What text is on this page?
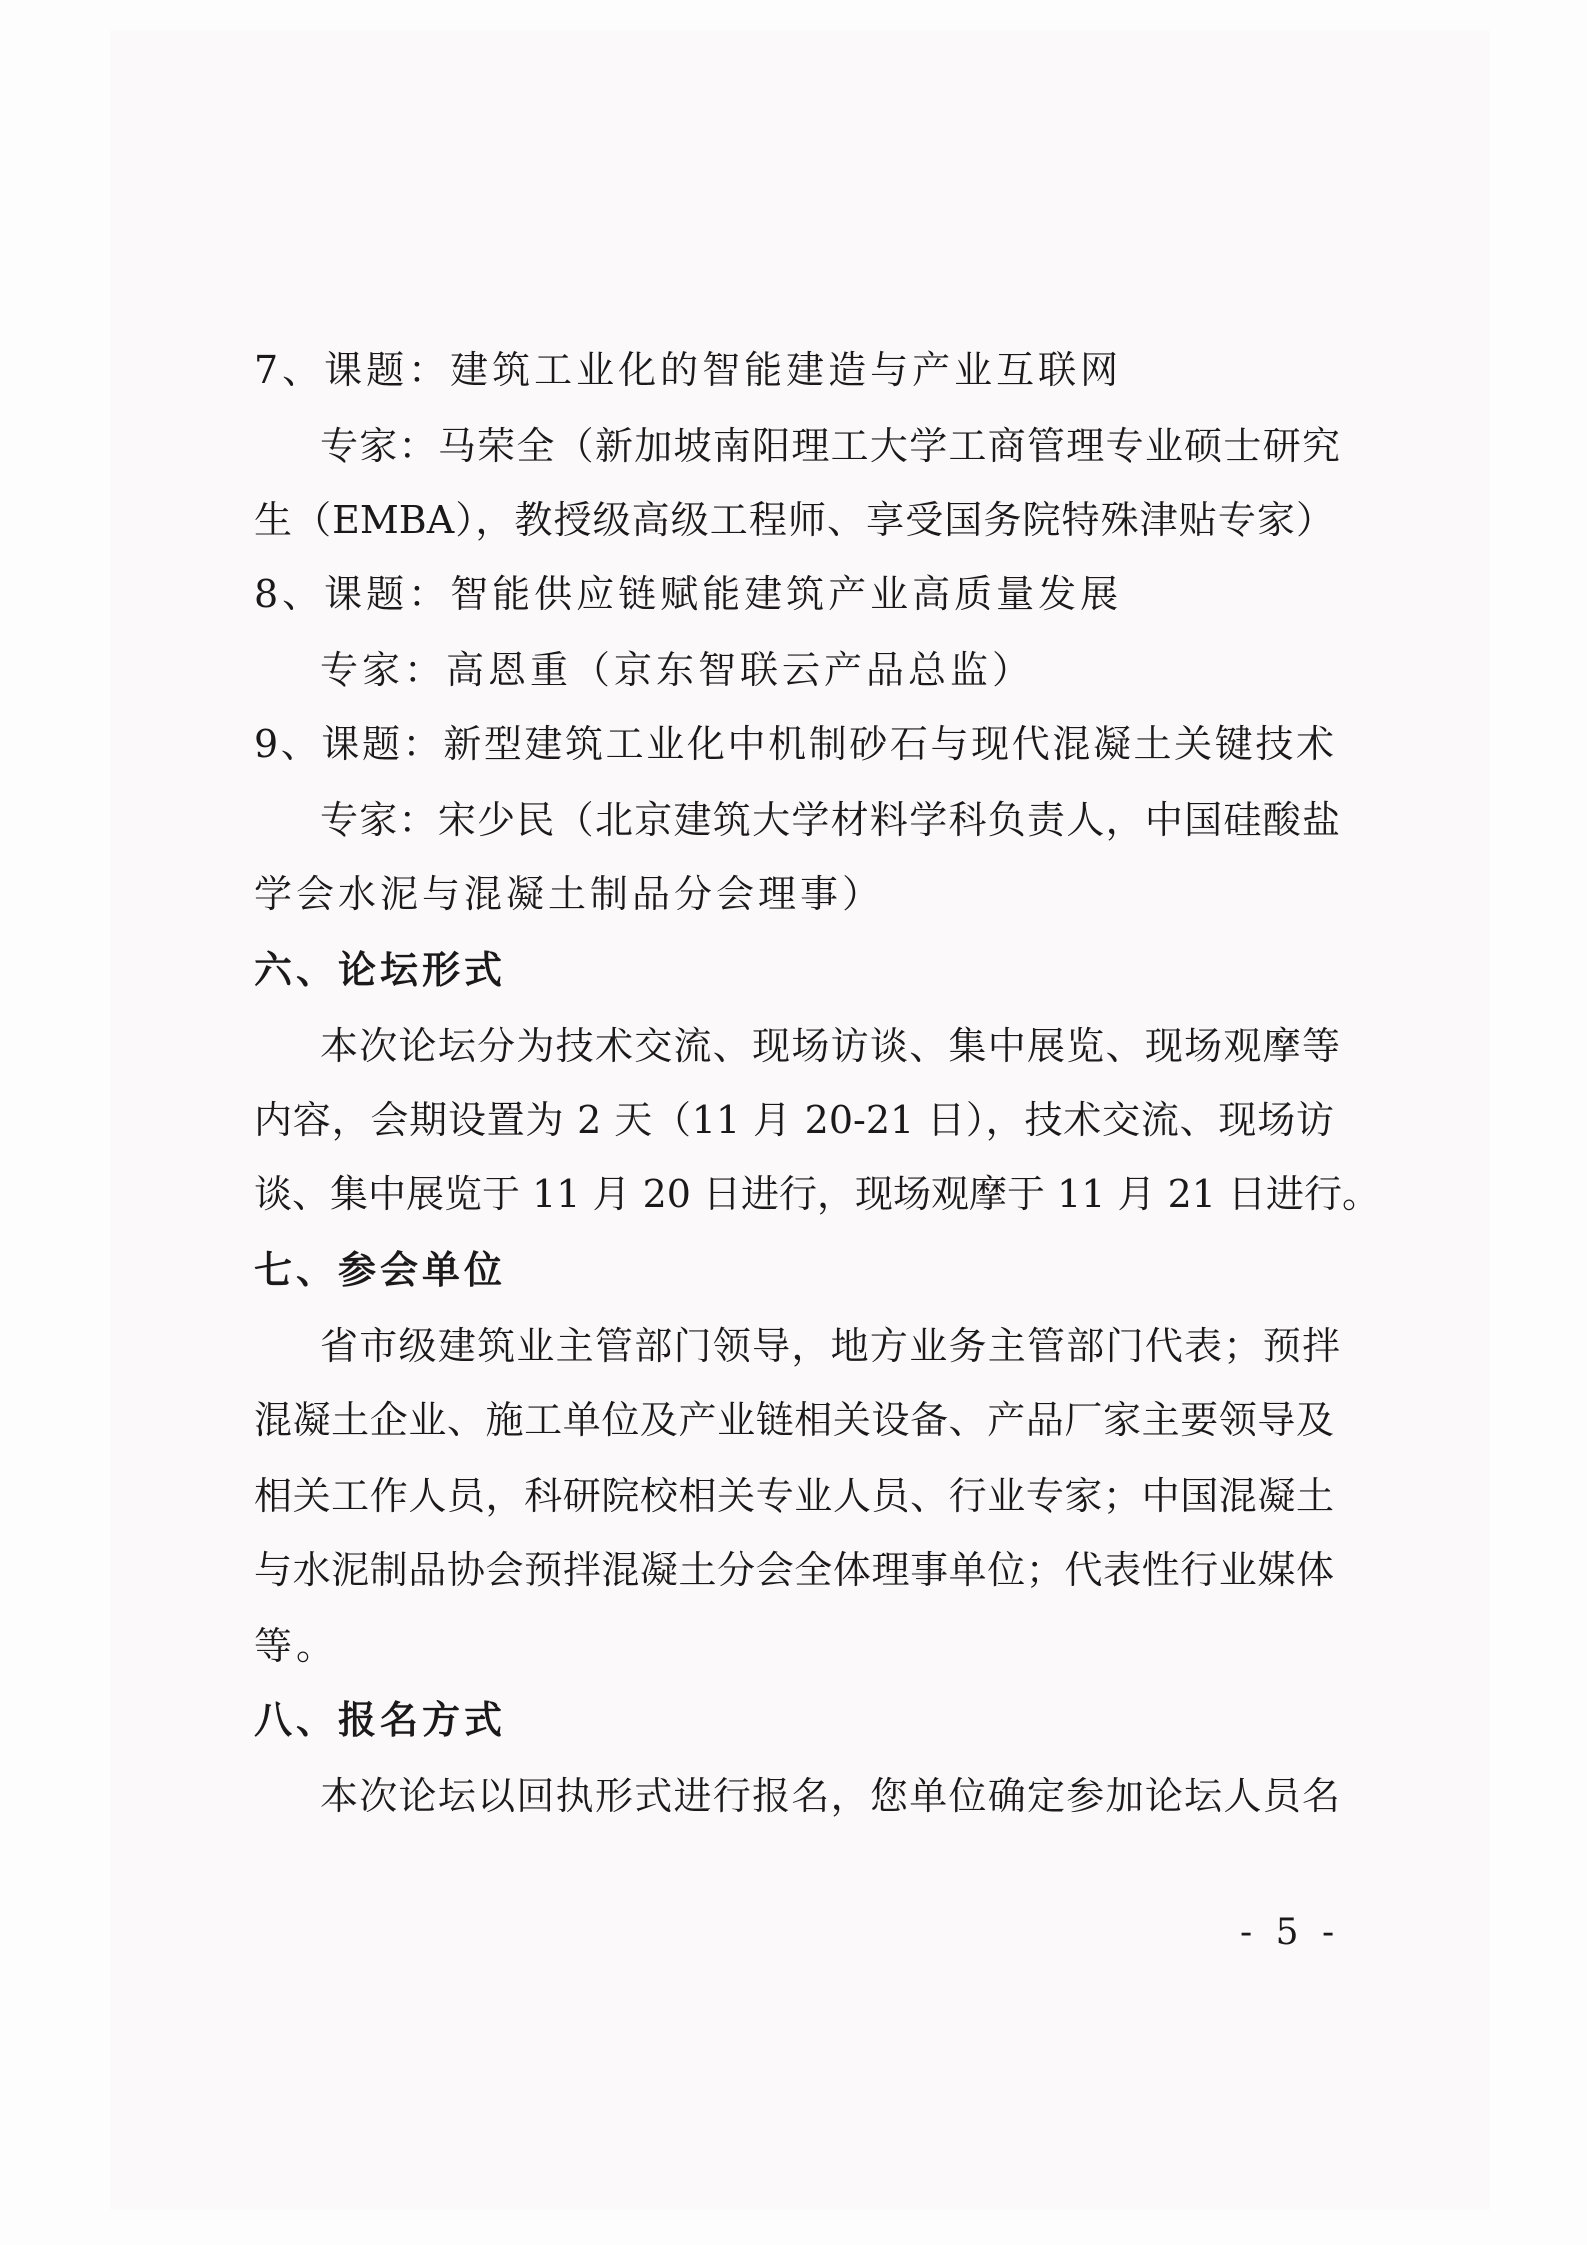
7、课题：建筑工业化的智能建造与产业互联网
专家：马荣全（新加坡南阳理工大学工商管理专业硕士研究
生（EMBA），教授级高级工程师、享受国务院特殊津贴专家）
8、课题：智能供应链赋能建筑产业高质量发展
专家：高恩重（京东智联云产品总监）
9、课题：新型建筑工业化中机制砂石与现代混凝土关键技术
专家：宋少民（北京建筑大学材料学科负责人，中国硅酸盐
学会水泥与混凝土制品分会理事）
六、论坛形式
本次论坛分为技术交流、现场访谈、集中展览、现场观摩等
内容，会期设置为 2 天（11 月 20-21 日），技术交流、现场访
谈、集中展览于 11 月 20 日进行，现场观摩于 11 月 21 日进行。
七、参会单位
省市级建筑业主管部门领导，地方业务主管部门代表；预拌
混凝土企业、施工单位及产业链相关设备、产品厂家主要领导及
相关工作人员，科研院校相关专业人员、行业专家；中国混凝土
与水泥制品协会预拌混凝土分会全体理事单位；代表性行业媒体
等。
八、报名方式
本次论坛以回执形式进行报名，您单位确定参加论坛人员名
- 5 -
